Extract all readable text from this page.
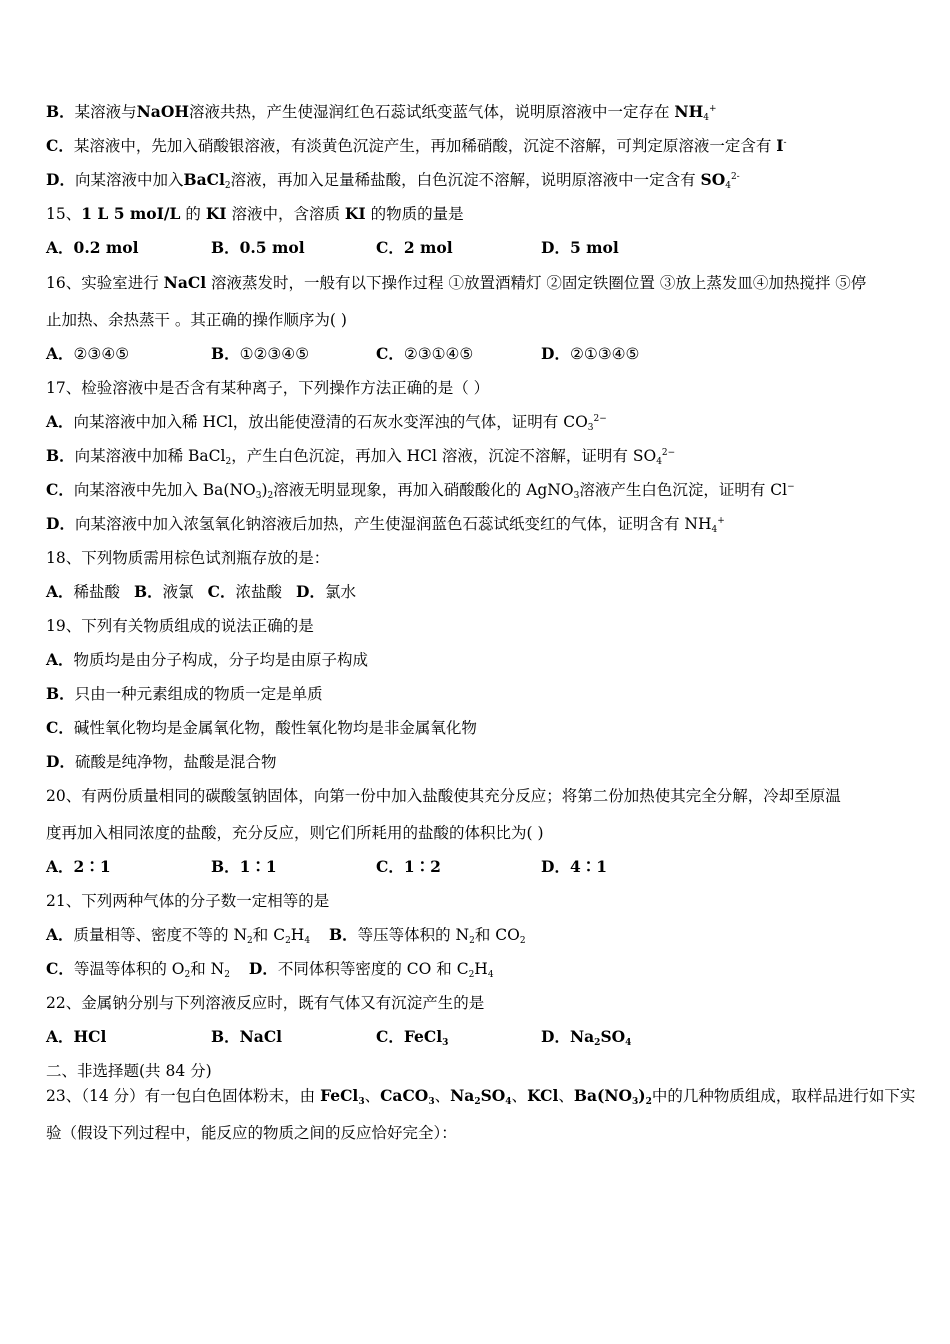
B．某溶液与NaOH溶液共热，产生使湿润红色石蕊试纸变蓝气体，说明原溶液中一定存在 $NH_4^+$
C．某溶液中，先加入硝酸银溶液，有淡黄色沉淀产生，再加稀硝酸，沉淀不溶解，可判定原溶液一定含有 I-
D．向某溶液中加入BaCl$_2$溶液，再加入足量稀盐酸，白色沉淀不溶解，说明原溶液中一定含有 $SO_4^{2-}$
15、1 L 5 moI/L 的 KI 溶液中，含溶质 KI 的物质的量是
A．0.2 mol	B．0.5 mol	C．2 mol	D．5 mol
16、实验室进行 NaCl 溶液蒸发时，一般有以下操作过程 ①放置酒精灯 ②固定铁圈位置 ③放上蒸发皿④加热搅拌 ⑤停
止加热、余热蒸干 。其正确的操作顺序为( )
A．②③④⑤	B．①②③④⑤	C．②③①④⑤	D．②①③④⑤
17、检验溶液中是否含有某种离子，下列操作方法正确的是（ ）
A．向某溶液中加入稀 HCl，放出能使澄清的石灰水变浑浊的气体，证明有 $CO_3^{2-}$
B．向某溶液中加稀 BaCl$_2$，产生白色沉淀，再加入 HCl 溶液，沉淀不溶解，证明有 $SO_4^{2-}$
C．向某溶液中先加入 $Ba(NO_3)_2$溶液无明显现象，再加入硝酸酸化的 AgNO$_3$溶液产生白色沉淀，证明有 Cl−
D．向某溶液中加入浓氢氧化钠溶液后加热，产生使湿润蓝色石蕊试纸变红的气体，证明含有 $NH_4^+$
18、下列物质需用棕色试剂瓶存放的是：
A．稀盐酸 B．液氯 C．浓盐酸 D．氯水
19、下列有关物质组成的说法正确的是
A．物质均是由分子构成，分子均是由原子构成
B．只由一种元素组成的物质一定是单质
C．碱性氧化物均是金属氧化物，酸性氧化物均是非金属氧化物
D．硫酸是纯净物，盐酸是混合物
20、有两份质量相同的碳酸氢钠固体，向第一份中加入盐酸使其充分反应；将第二份加热使其完全分解，冷却至原温
度再加入相同浓度的盐酸，充分反应，则它们所耗用的盐酸的体积比为( )
A．2∶1	B．1∶1	C．1∶2	D．4∶1
21、下列两种气体的分子数一定相等的是
A．质量相等、密度不等的 $N_2$和 $C_2H_4$ B．等压等体积的 $N_2$和 $CO_2$
C．等温等体积的 $O_2$和 $N_2$ D．不同体积等密度的 CO 和 $C_2H_4$
22、金属钠分别与下列溶液反应时，既有气体又有沉淀产生的是
A．HCl	B．NaCl	C．FeCl$_3$	D．$Na_2SO_4$
二、非选择题(共 84 分)
23、（14 分）有一包白色固体粉末，由 FeCl$_3$、CaCO$_3$、$Na_2SO_4$、KCl、$Ba(NO_3)_2$中的几种物质组成，取样品进行如下实
验（假设下列过程中，能反应的物质之间的反应恰好完全）：
